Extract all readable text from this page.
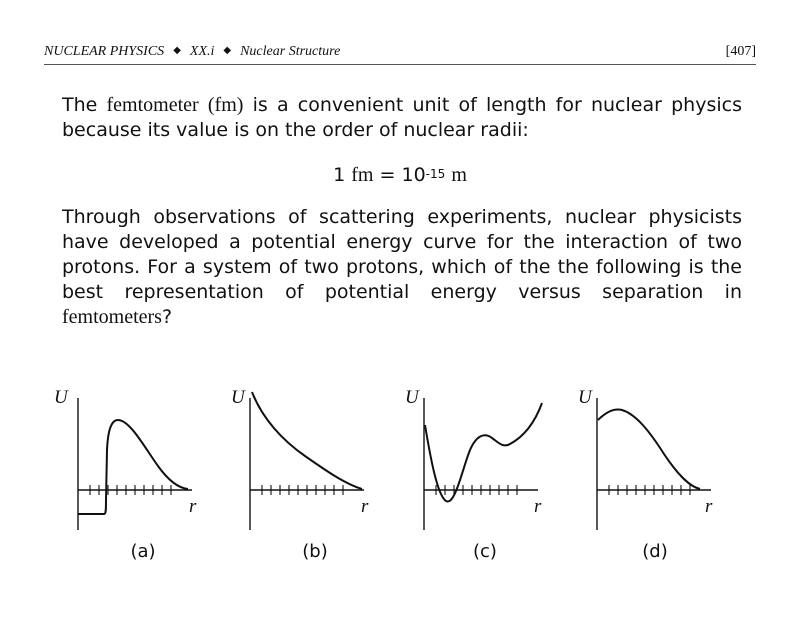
NUCLEAR PHYSICS ◆ XX.i ◆ Nuclear Structure	[407]
The femtometer (fm) is a convenient unit of length for nuclear physics because its value is on the order of nuclear radii:
1 fm = $10^{-15}$ m
Through observations of scattering experiments, nuclear physicists have developed a potential energy curve for the interaction of two protons. For a system of two protons, which of the the following is the best representation of potential energy versus separation in femtometers?
U
r
(a)
U
r
(b)
U
r
(c)
U
r
(d)
